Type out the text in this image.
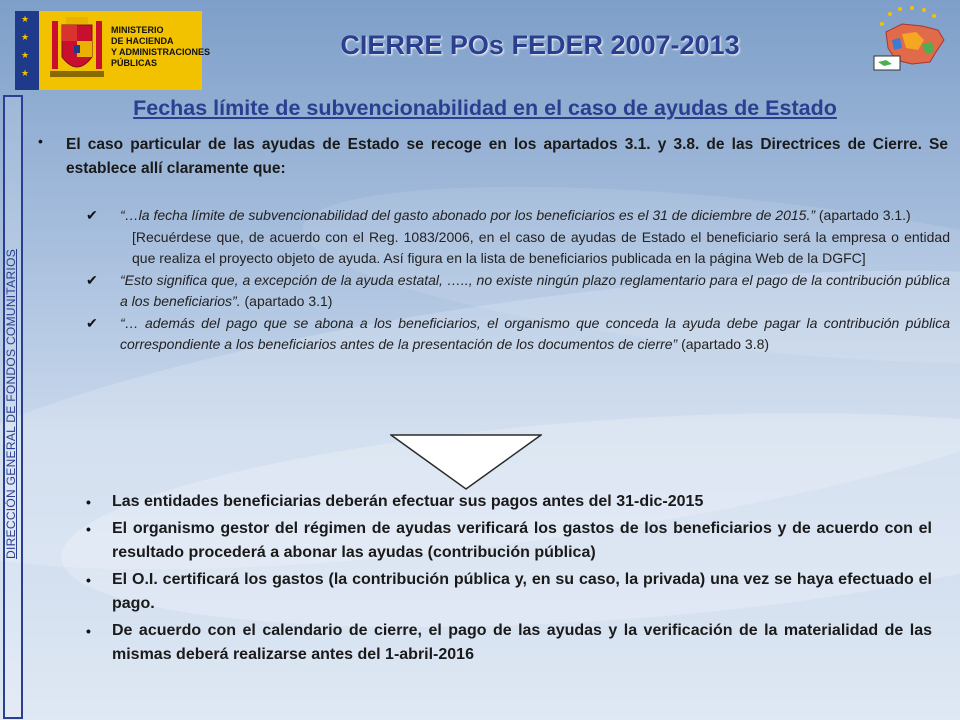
★
★
★
★
MINISTERIO
DE HACIENDA
Y ADMINISTRACIONES
PÚBLICAS
CIERRE POs FEDER 2007-2013
DIRECCIÓN GENERAL DE FONDOS COMUNITARIOS
Fechas límite de subvencionabilidad en el caso de ayudas de Estado
• El caso particular de las ayudas de Estado se recoge en los apartados 3.1. y 3.8. de las Directrices de Cierre. Se establece allí claramente que:

✔ “…la fecha límite de subvencionabilidad del gasto abonado por los beneficiarios es el 31 de diciembre de 2015.” (apartado 3.1.)
[Recuérdese que, de acuerdo con el Reg. 1083/2006, en el caso de ayudas de Estado el beneficiario será la empresa o entidad que realiza el proyecto objeto de ayuda. Así figura en la lista de beneficiarios publicada en la página Web de la DGFC]
✔ “Esto significa que, a excepción de la ayuda estatal, ….., no existe ningún plazo reglamentario para el pago de la contribución pública a los beneficiarios”. (apartado 3.1)
✔ “… además del pago que se abona a los beneficiarios, el organismo que conceda la ayuda debe pagar la contribución pública correspondiente a los beneficiarios antes de la presentación de los documentos de cierre” (apartado 3.8)
• Las entidades beneficiarias deberán efectuar sus pagos antes del 31-dic-2015
• El organismo gestor del régimen de ayudas verificará los gastos de los beneficiarios y de acuerdo con el resultado procederá a abonar las ayudas (contribución pública)
• El O.I. certificará los gastos (la contribución pública y, en su caso, la privada) una vez se haya efectuado el pago.
• De acuerdo con el calendario de cierre, el pago de las ayudas y la verificación de la materialidad de las mismas deberá realizarse antes del 1-abril-2016
